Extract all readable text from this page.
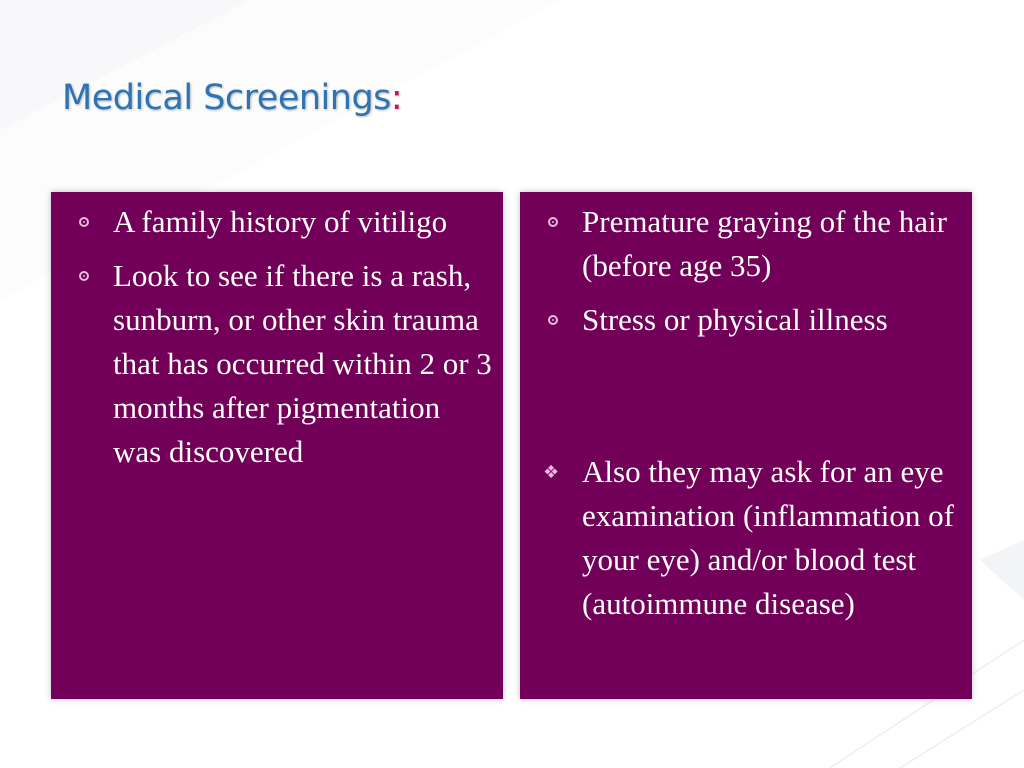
Medical Screenings:
A family history of vitiligo
Look to see if there is a rash, sunburn, or other skin trauma that has occurred within 2 or 3 months after pigmentation was discovered
Premature graying of the hair (before age 35)
Stress or physical illness
❖ Also they may ask for an eye examination (inflammation of your eye) and/or blood test (autoimmune disease)
